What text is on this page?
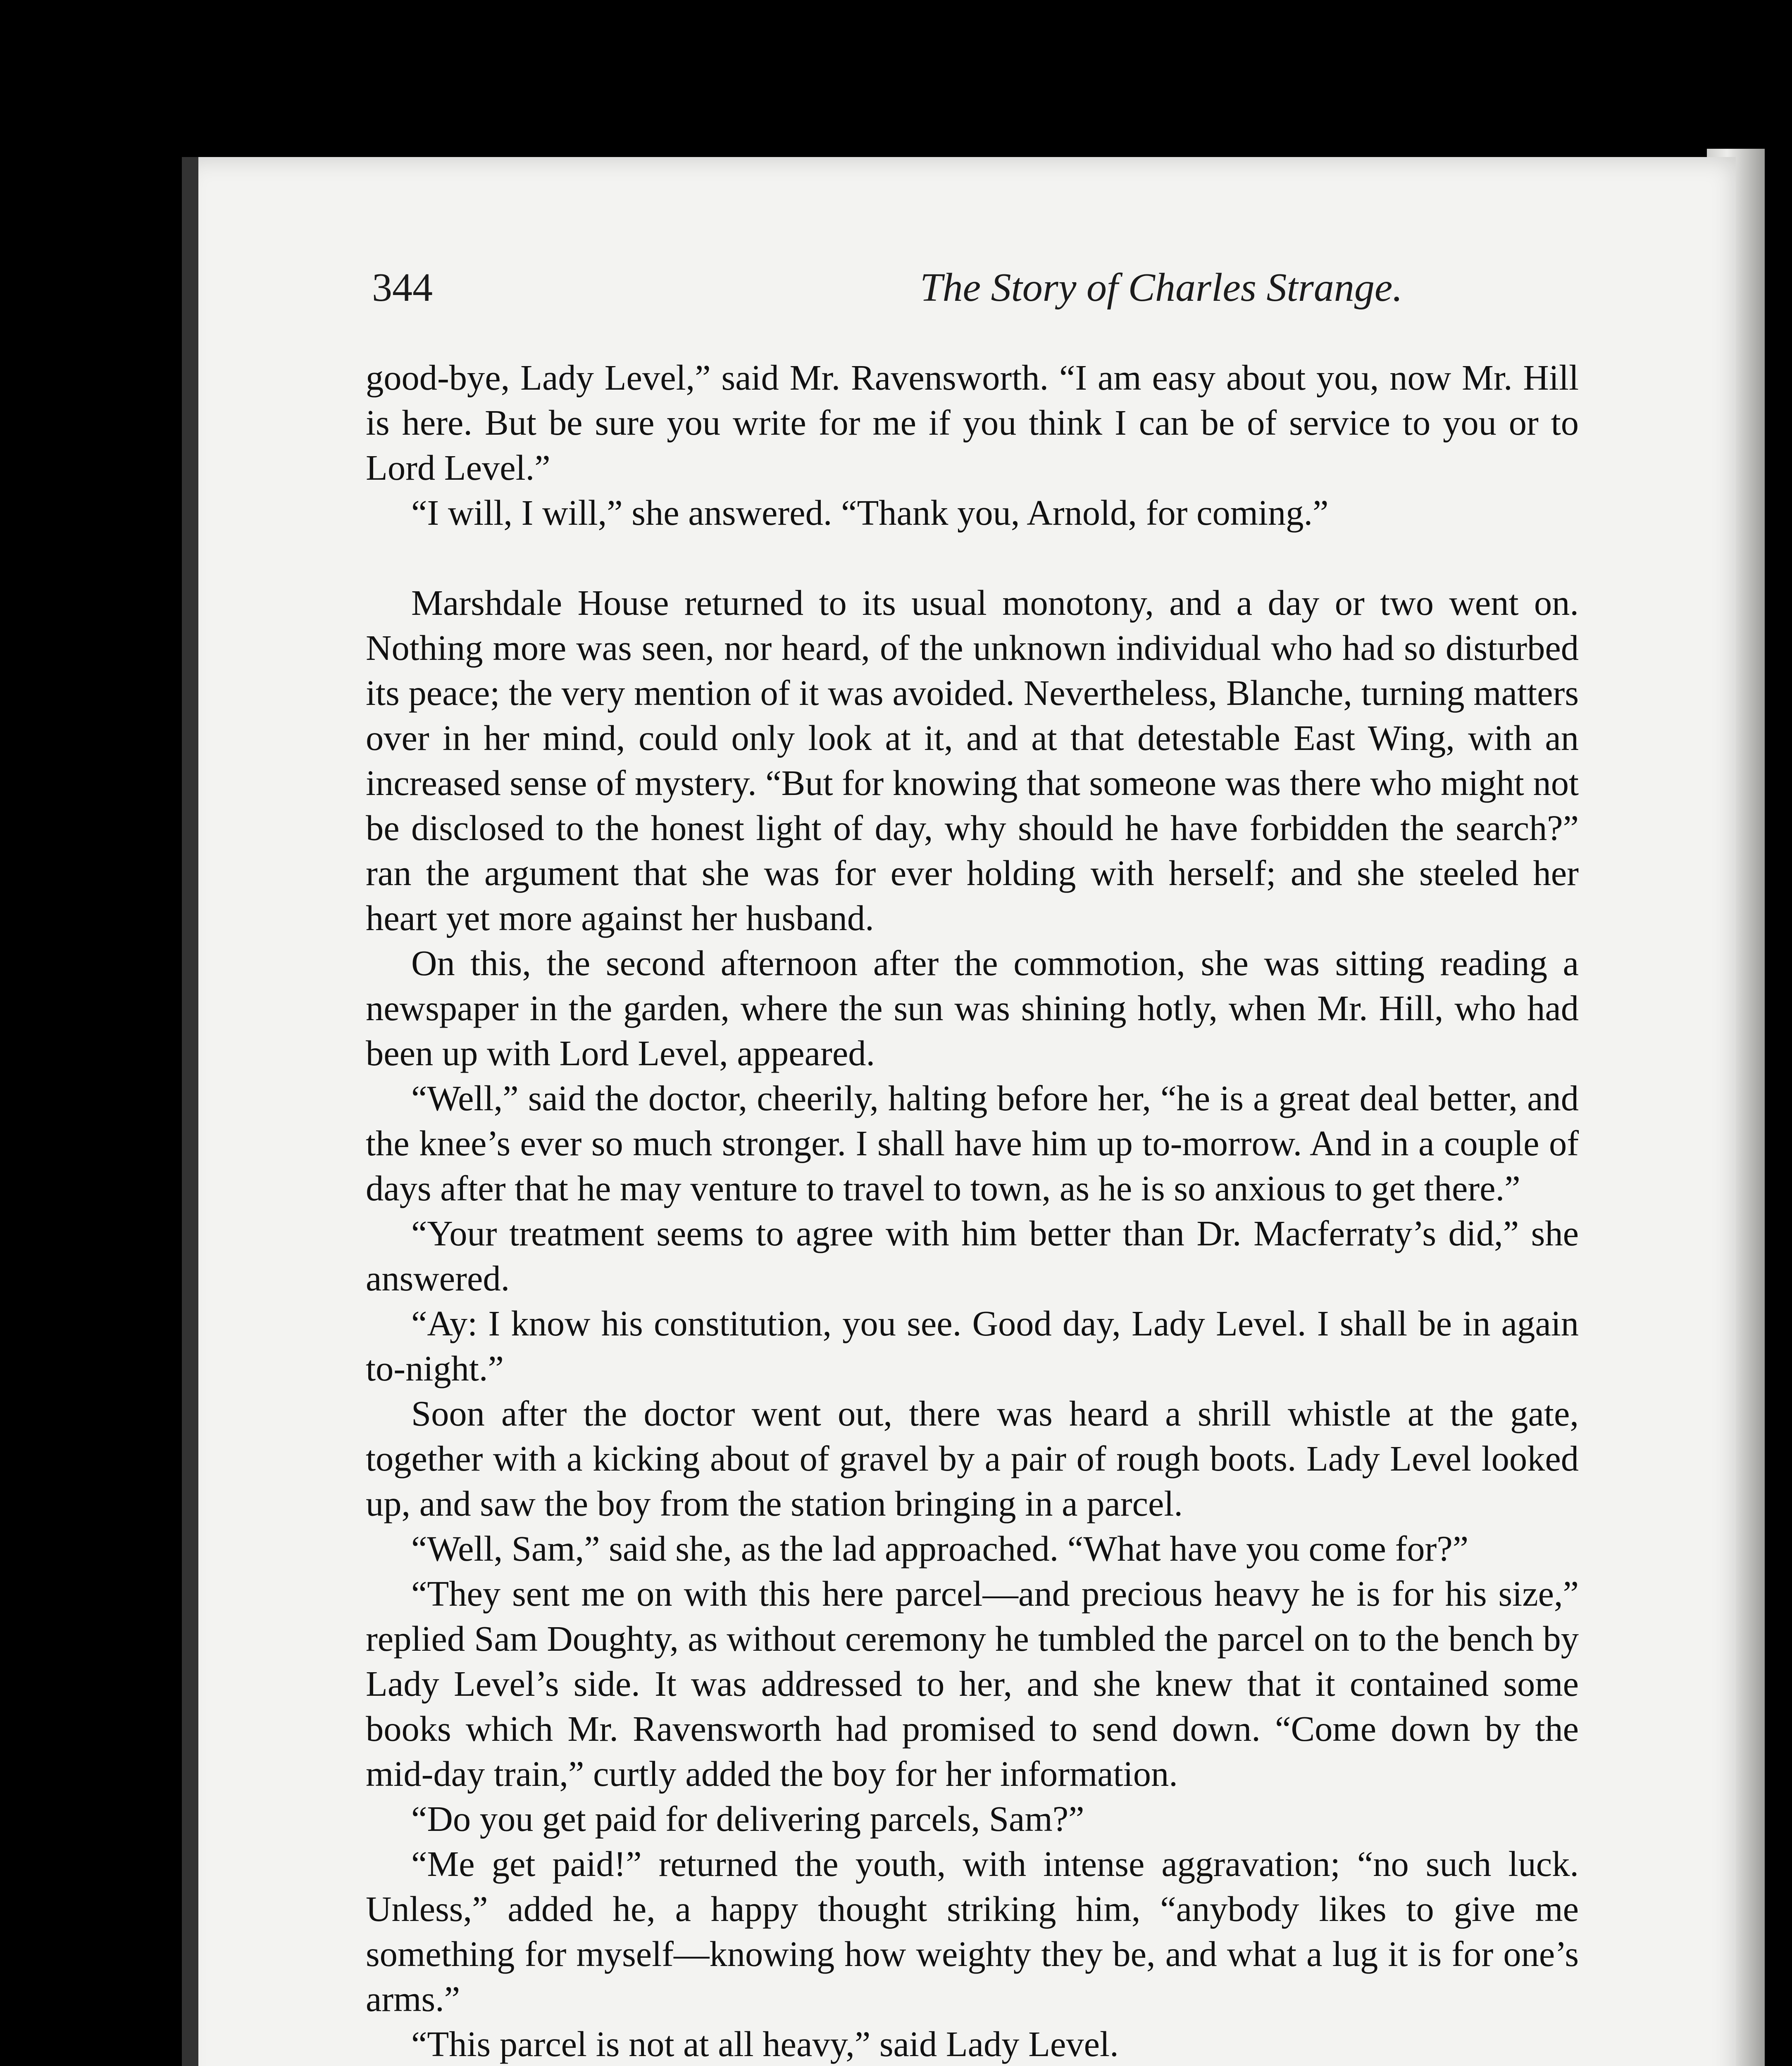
344	The Story of Charles Strange.

good-bye, Lady Level,” said Mr. Ravensworth. “I am easy about you, now Mr. Hill is here. But be sure you write for me if you think I can be of service to you or to Lord Level.”

“I will, I will,” she answered. “Thank you, Arnold, for coming.”

Marshdale House returned to its usual monotony, and a day or two went on. Nothing more was seen, nor heard, of the unknown individual who had so disturbed its peace; the very mention of it was avoided. Nevertheless, Blanche, turning matters over in her mind, could only look at it, and at that detestable East Wing, with an increased sense of mystery. “But for knowing that someone was there who might not be disclosed to the honest light of day, why should he have forbidden the search?” ran the argument that she was for ever holding with herself; and she steeled her heart yet more against her husband.

On this, the second afternoon after the commotion, she was sitting reading a newspaper in the garden, where the sun was shining hotly, when Mr. Hill, who had been up with Lord Level, appeared.

“Well,” said the doctor, cheerily, halting before her, “he is a great deal better, and the knee’s ever so much stronger. I shall have him up to-morrow. And in a couple of days after that he may venture to travel to town, as he is so anxious to get there.”

“Your treatment seems to agree with him better than Dr. Macferraty’s did,” she answered.

“Ay: I know his constitution, you see. Good day, Lady Level. I shall be in again to-night.”

Soon after the doctor went out, there was heard a shrill whistle at the gate, together with a kicking about of gravel by a pair of rough boots. Lady Level looked up, and saw the boy from the station bringing in a parcel.

“Well, Sam,” said she, as the lad approached. “What have you come for?”

“They sent me on with this here parcel—and precious heavy he is for his size,” replied Sam Doughty, as without ceremony he tumbled the parcel on to the bench by Lady Level’s side. It was addressed to her, and she knew that it contained some books which Mr. Ravensworth had promised to send down. “Come down by the mid-day train,” curtly added the boy for her information.

“Do you get paid for delivering parcels, Sam?”

“Me get paid!” returned the youth, with intense aggravation; “no such luck. Unless,” added he, a happy thought striking him, “anybody likes to give me something for myself—knowing how weighty they be, and what a lug it is for one’s arms.”

“This parcel is not at all heavy,” said Lady Level.
